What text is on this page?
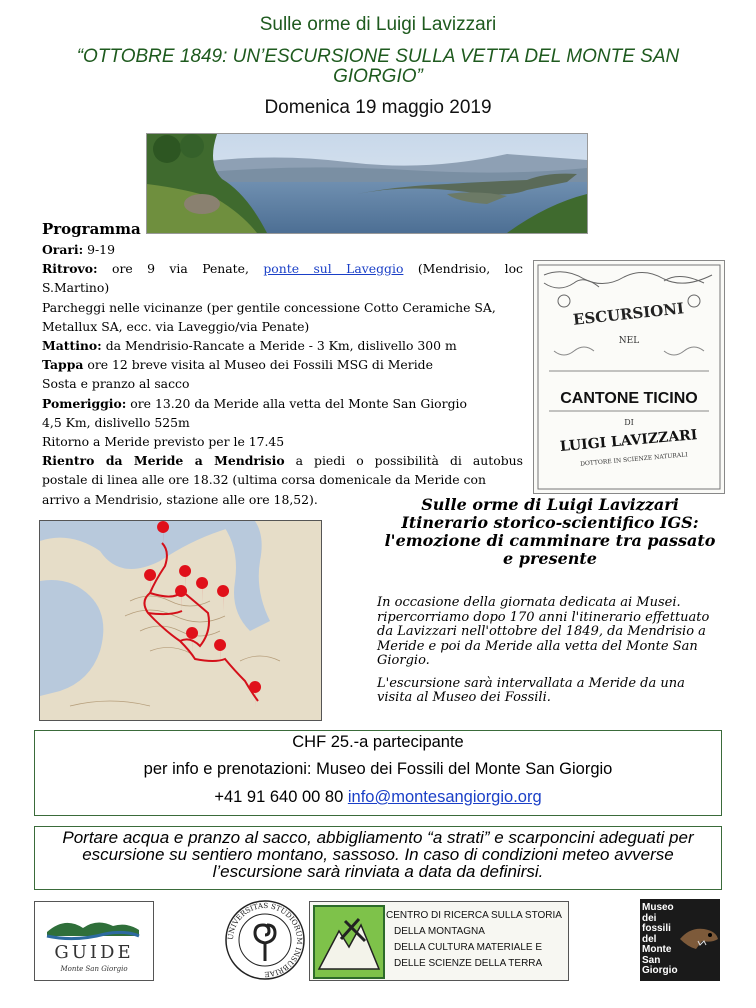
Sulle orme di Luigi Lavizzari
“OTTOBRE 1849: UN’ESCURSIONE SULLA VETTA DEL MONTE SAN GIORGIO”
Domenica 19 maggio 2019
Programma

Orari: 9-19

Ritrovo: ore 9 via Penate, ponte sul Laveggio (Mendrisio, loc

S.Martino)

Parcheggi nelle vicinanze (per gentile concessione Cotto Ceramiche SA,

Metallux SA, ecc. via Laveggio/via Penate)

Mattino: da Mendrisio-Rancate a Meride - 3 Km, dislivello 300 m

Tappa ore 12 breve visita al Museo dei Fossili MSG di Meride

Sosta e pranzo al sacco

Pomeriggio: ore 13.20 da Meride alla vetta del Monte San Giorgio

4,5 Km, dislivello 525m

Ritorno a Meride previsto per le 17.45

Rientro da Meride a Mendrisio a piedi o possibilità di autobus

postale di linea alle ore 18.32 (ultima corsa domenicale da Meride con

arrivo a Mendrisio, stazione alle ore 18,52).

ESCURSIONI
NEL
CANTONE TICINO
DI
LUIGI LAVIZZARI
DOTTORE IN SCIENZE NATURALI
Sulle orme di Luigi Lavizzari
Itinerario storico-scientifico IGS:
l'emozione di camminare tra passato
e presente

In occasione della giornata dedicata ai Musei. ripercorriamo dopo 170 anni l'itinerario effettuato da Lavizzari nell'ottobre del 1849, da Mendrisio a Meride e poi da Meride alla vetta del Monte San Giorgio.

L'escursione sarà intervallata a Meride da una visita al Museo dei Fossili.

CHF 25.-a partecipante
per info e prenotazioni: Museo dei Fossili del Monte San Giorgio
+41 91 640 00 80 info@montesangiorgio.org
Portare acqua e pranzo al sacco, abbigliamento “a strati” e scarponcini adeguati per escursione su sentiero montano, sassoso. In caso di condizioni meteo avverse l’escursione sarà rinviata a data da definirsi.
GUIDE
Monte San Giorgio
UNIVERSITAS STUDIORUM INSUBRIAE
CENTRO DI RICERCA SULLA STORIA
DELLA MONTAGNA
DELLA CULTURA MATERIALE E
DELLE SCIENZE DELLA TERRA
Museo
dei
fossili
del
Monte
San
Giorgio
